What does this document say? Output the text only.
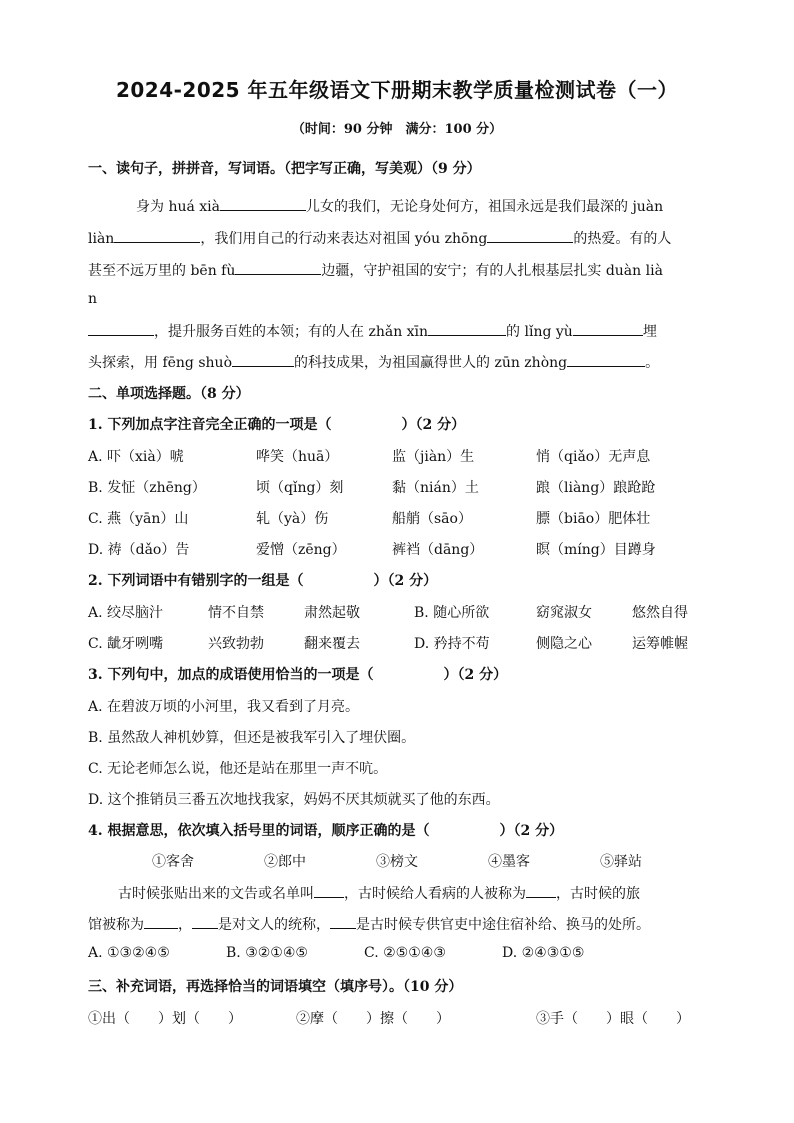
2024-2025 年五年级语文下册期末教学质量检测试卷（一）
（时间：90 分钟　满分：100 分）
一、读句子，拼拼音，写词语。（把字写正确，写美观）（9 分）
身为 huá xià	儿女的我们，无论身处何方，祖国永远是我们最深的 juàn
liàn	，我们用自己的行动来表达对祖国 yóu zhōng	的热爱。有的人
甚至不远万里的 bēn fù	边疆，守护祖国的安宁；有的人扎根基层扎实 duàn lià
n
，提升服务百姓的本领；有的人在 zhǎn xīn	的 lǐng yù	埋
头探索，用 fēng shuò	的科技成果，为祖国赢得世人的 zūn zhòng	。
二、单项选择题。（8 分）
1. 下列加点字注音完全正确的一项是（　　　　　）（2 分）
A. 吓（xià）唬	哗笑（huā）	监（jiàn）生	悄（qiǎo）无声息
B. 发怔（zhēng）	顷（qǐng）刻	黏（nián）土	踉（liàng）踉跄跄
C. 燕（yān）山	轧（yà）伤	船艄（sāo）	膘（biāo）肥体壮
D. 祷（dǎo）告	爱憎（zēng）	裤裆（dāng）	瞑（míng）目蹲身
2. 下列词语中有错别字的一组是（　　　　　）（2 分）
A. 绞尽脑汁	情不自禁	肃然起敬	B. 随心所欲	窈窕淑女	悠然自得
C. 龇牙咧嘴	兴致勃勃	翻来覆去	D. 矜持不苟	侧隐之心	运筹帷幄
3. 下列句中，加点的成语使用恰当的一项是（　　　　　）（2 分）
A. 在碧波万顷的小河里，我又看到了月亮。
B. 虽然敌人神机妙算，但还是被我军引入了埋伏圈。
C. 无论老师怎么说，他还是站在那里一声不吭。
D. 这个推销员三番五次地找我家，妈妈不厌其烦就买了他的东西。
4. 根据意思，依次填入括号里的词语，顺序正确的是（　　　　　）（2 分）
①客舍	②郎中	③榜文	④墨客	⑤驿站
古时候张贴出来的文告或名单叫 ，古时候给人看病的人被称为 ，古时候的旅
馆被称为 ， 是对文人的统称， 是古时候专供官吏中途住宿补给、换马的处所。
A. ①③②④⑤	B. ③②①④⑤	C. ②⑤①④③	D. ②④③①⑤
三、补充词语，再选择恰当的词语填空（填序号）。（10 分）
①出（　　）划（　　）	②摩（　　）擦（　　）	③手（　　）眼（　　）
